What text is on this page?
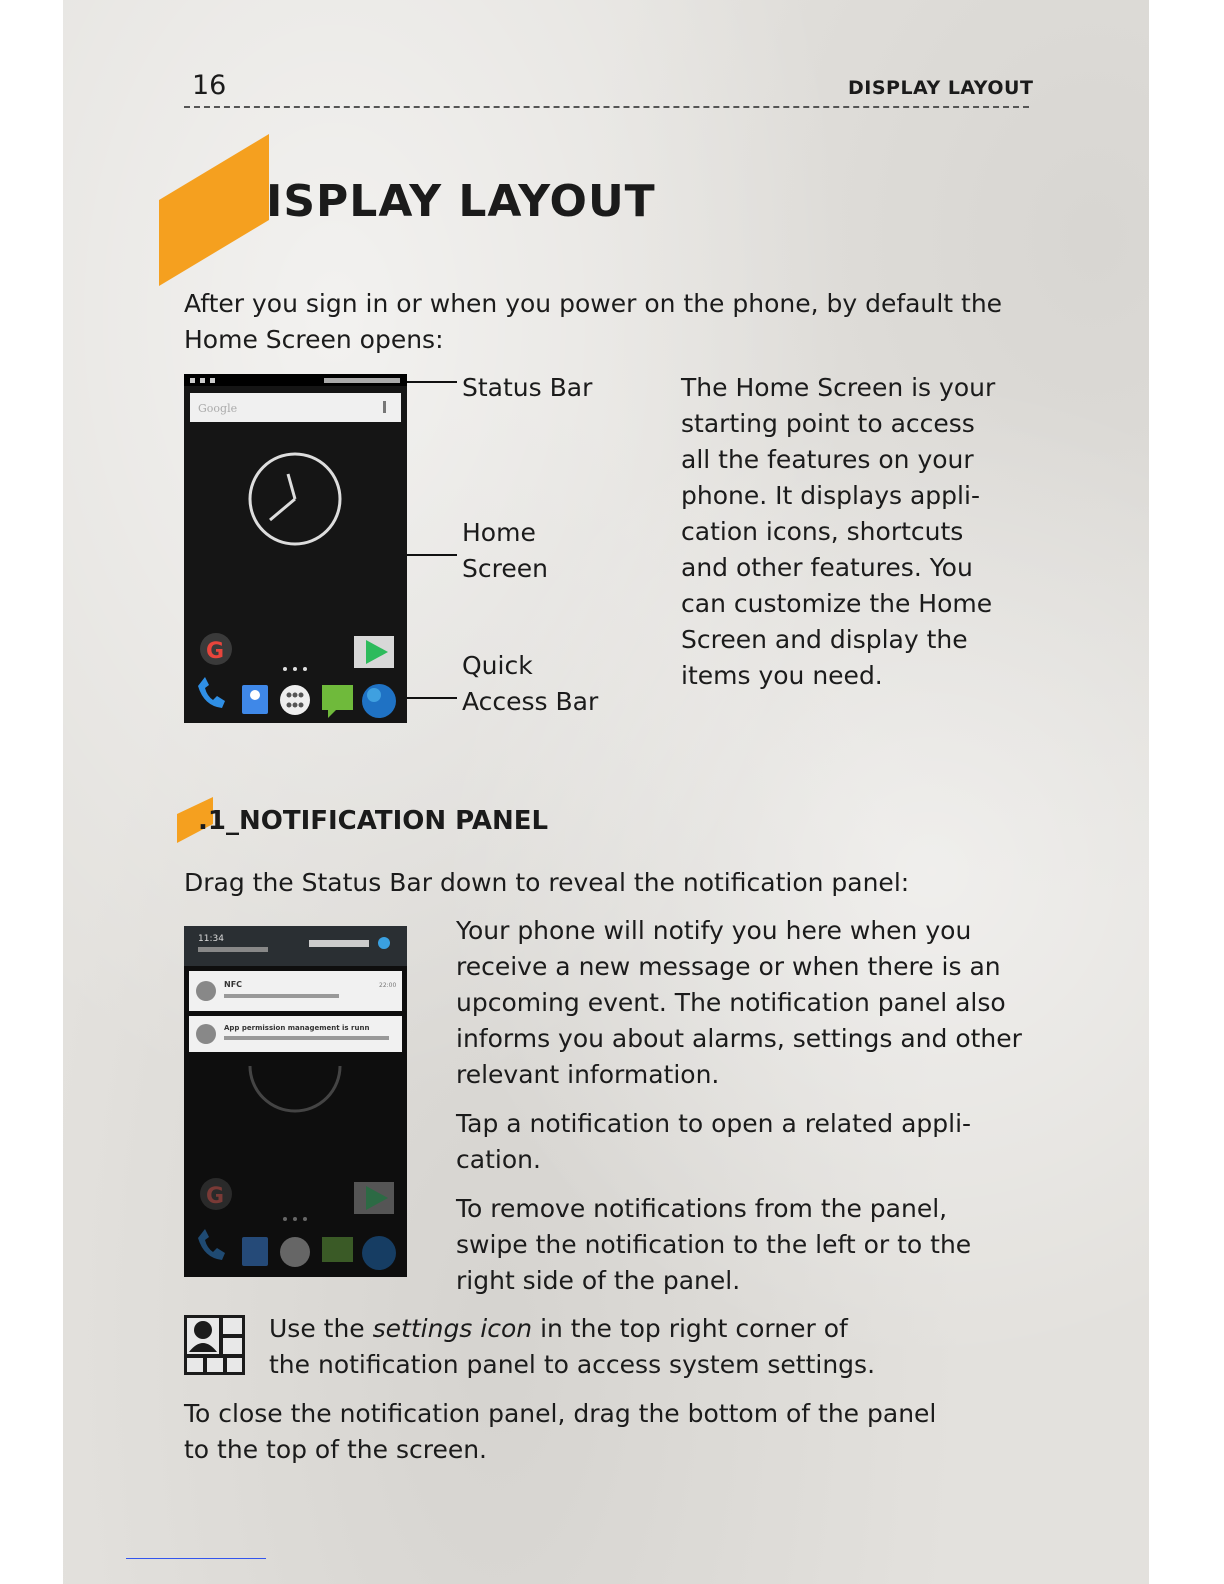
16	DISPLAY LAYOUT
ISPLAY LAYOUT
After you sign in or when you power on the phone, by default the Home Screen opens:
Google
G
Status Bar
Home
Screen
Quick
Access Bar
The Home Screen is your
starting point to access
all the features on your
phone. It displays appli-
cation icons, shortcuts
and other features. You
can customize the Home
Screen and display the
items you need.
.1_NOTIFICATION PANEL
Drag the Status Bar down to reveal the notification panel:
11:34
NFC	22:00
App permission management is runn
G
Your phone will notify you here when you
receive a new message or when there is an
upcoming event. The notification panel also
informs you about alarms, settings and other
relevant information.
Tap a notification to open a related appli-
cation.
To remove notifications from the panel,
swipe the notification to the left or to the
right side of the panel.
Use the settings icon in the top right corner of
the notification panel to access system settings.
To close the notification panel, drag the bottom of the panel
to the top of the screen.
